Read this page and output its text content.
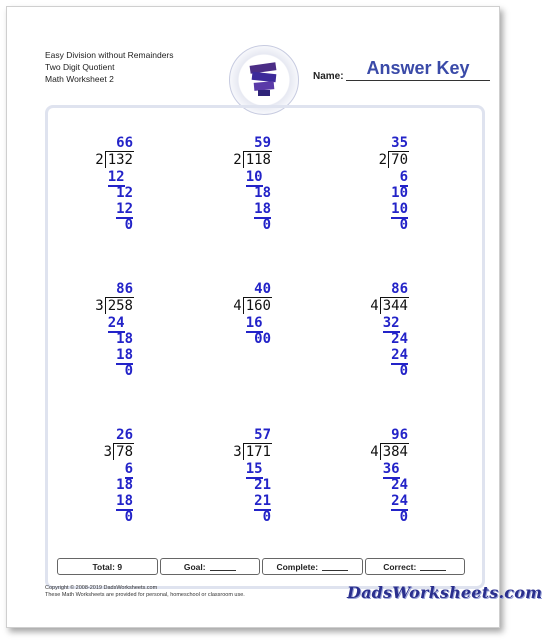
Easy Division without Remainders
Two Digit Quotient
Math Worksheet 2
Answer Key
Name:
66
132
2
12
12
12
0
59
118
2
10
18
18
0
35
70
2
6
10
10
0
86
258
3
24
18
18
0
40
160
4
16
00
86
344
4
32
24
24
0
26
78
3
6
18
18
0
57
171
3
15
21
21
0
96
384
4
36
24
24
0
Total: 9	Goal:	Complete:	Correct:
Copyright © 2008-2019 DadsWorksheets.com
These Math Worksheets are provided for personal, homeschool or classroom use.	DadsWorksheets.com
